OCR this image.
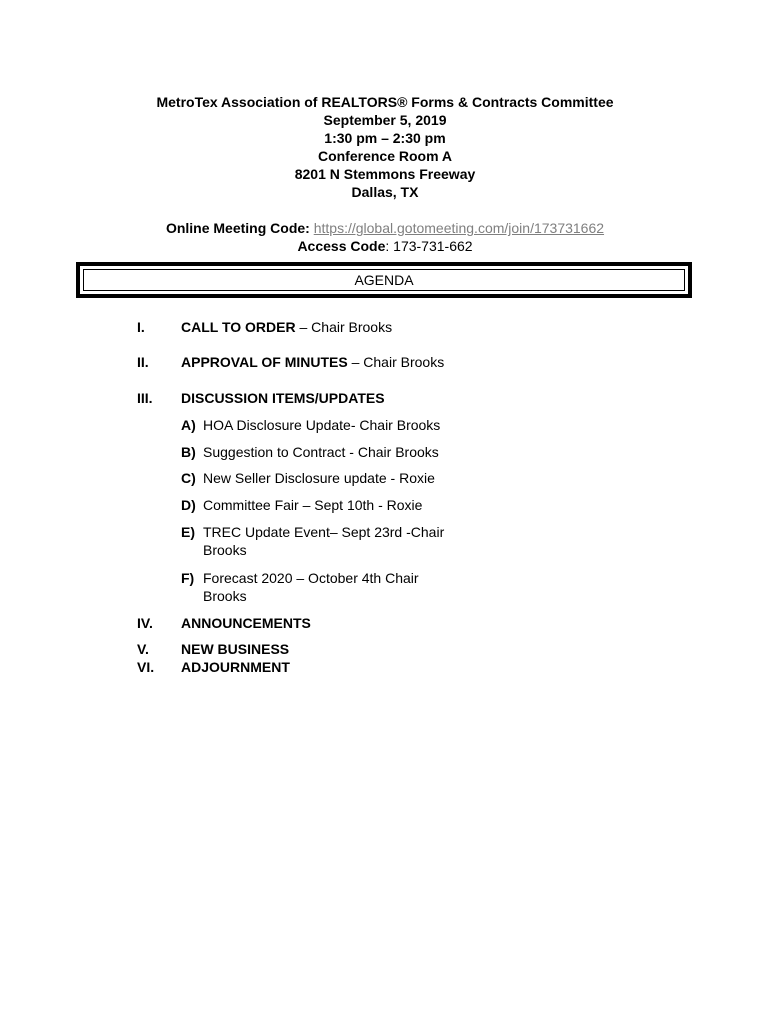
MetroTex Association of REALTORS® Forms & Contracts Committee
September 5, 2019
1:30 pm – 2:30 pm
Conference Room A
8201 N Stemmons Freeway
Dallas, TX
Online Meeting Code: https://global.gotomeeting.com/join/173731662
Access Code: 173-731-662
AGENDA
I.	CALL TO ORDER – Chair Brooks
II. APPROVAL OF MINUTES – Chair Brooks
III. DISCUSSION ITEMS/UPDATES
A) HOA Disclosure Update- Chair Brooks
B) Suggestion to Contract - Chair Brooks
C) New Seller Disclosure update - Roxie
D) Committee Fair – Sept 10th - Roxie
E) TREC Update Event– Sept 23rd -Chair Brooks
F) Forecast 2020 – October 4th Chair Brooks
IV. ANNOUNCEMENTS
V. NEW BUSINESS
VI. ADJOURNMENT
